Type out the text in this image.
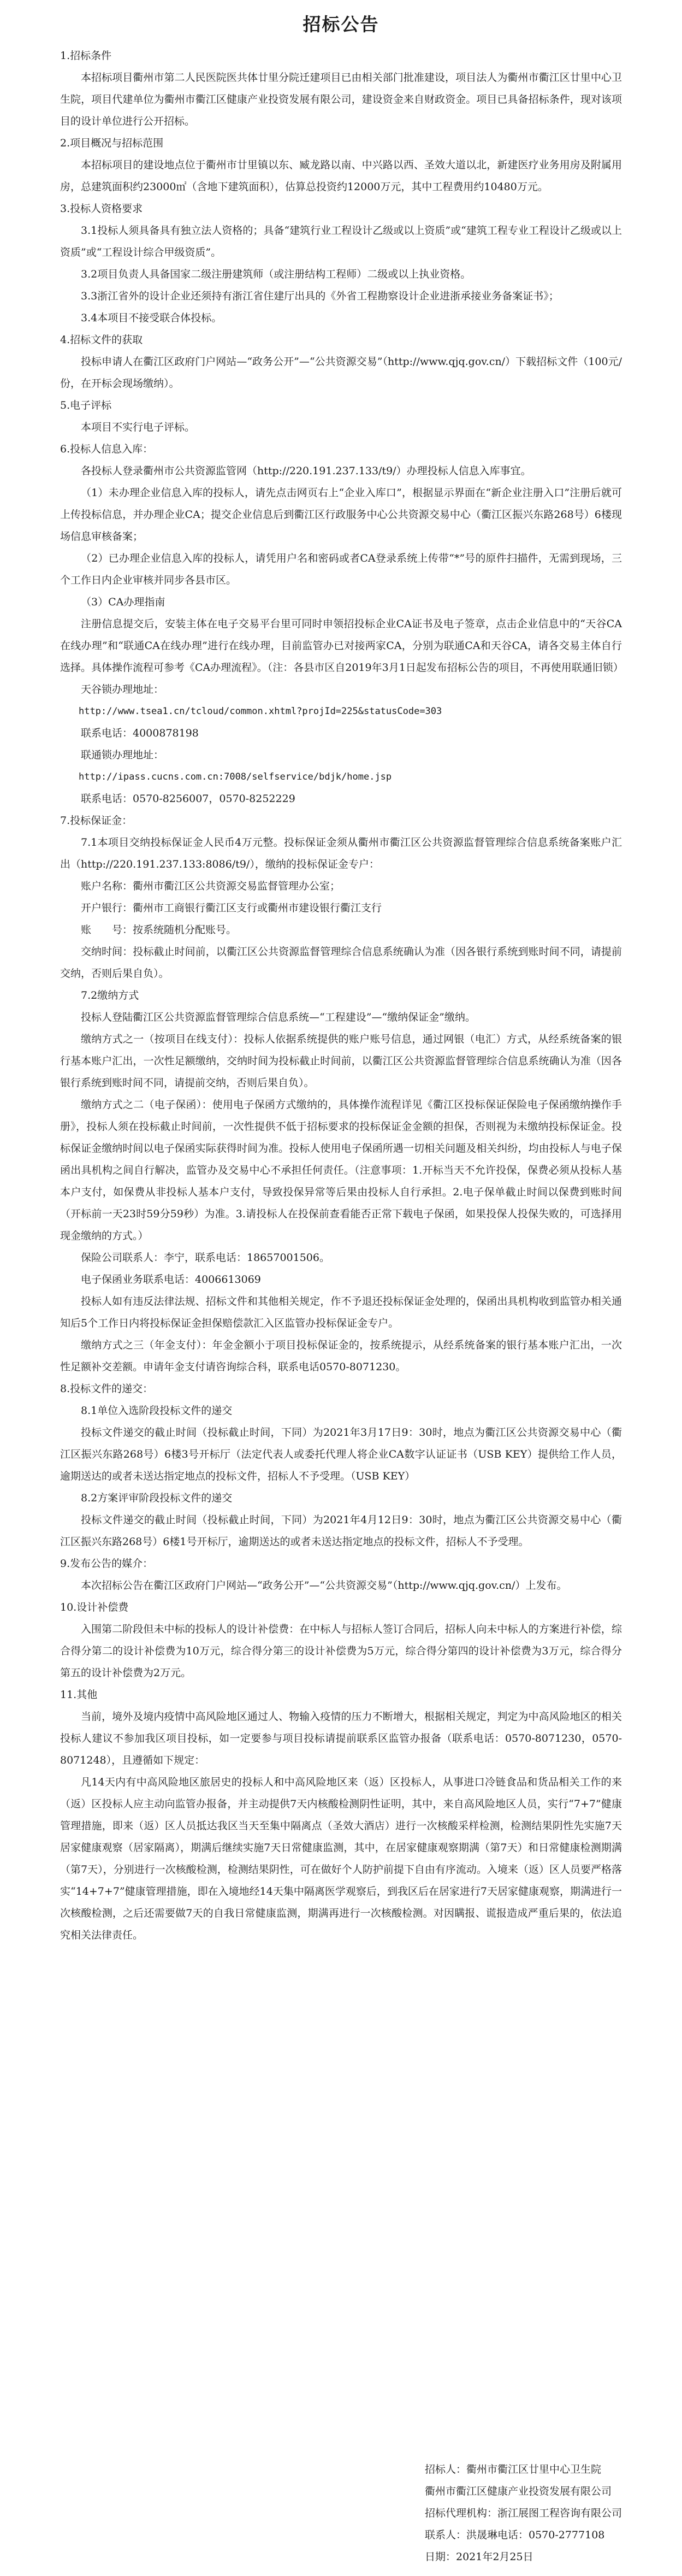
招标公告

1.招标条件

本招标项目衢州市第二人民医院医共体廿里分院迁建项目已由相关部门批准建设，项目法人为衢州市衢江区廿里中心卫生院，项目代建单位为衢州市衢江区健康产业投资发展有限公司，建设资金来自财政资金。项目已具备招标条件，现对该项目的设计单位进行公开招标。

2.项目概况与招标范围

本招标项目的建设地点位于衢州市廿里镇以东、臧龙路以南、中兴路以西、圣效大道以北，新建医疗业务用房及附属用房，总建筑面积约23000㎡（含地下建筑面积），估算总投资约12000万元，其中工程费用约10480万元。

3.投标人资格要求

3.1投标人须具备具有独立法人资格的；具备“建筑行业工程设计乙级或以上资质”或“建筑工程专业工程设计乙级或以上资质”或“工程设计综合甲级资质”。

3.2项目负责人具备国家二级注册建筑师（或注册结构工程师）二级或以上执业资格。

3.3浙江省外的设计企业还须持有浙江省住建厅出具的《外省工程勘察设计企业进浙承接业务备案证书》；

3.4本项目不接受联合体投标。

4.招标文件的获取

投标申请人在衢江区政府门户网站—“政务公开”—“公共资源交易”（http://www.qjq.gov.cn/）下载招标文件（100元/份，在开标会现场缴纳）。

5.电子评标

本项目不实行电子评标。

6.投标人信息入库：

各投标人登录衢州市公共资源监管网（http://220.191.237.133/t9/）办理投标人信息入库事宜。

（1）未办理企业信息入库的投标人，请先点击网页右上“企业入库口”，根据显示界面在“新企业注册入口”注册后就可上传投标信息，并办理企业CA；提交企业信息后到衢江区行政服务中心公共资源交易中心（衢江区振兴东路268号）6楼现场信息审核备案；

（2）已办理企业信息入库的投标人，请凭用户名和密码或者CA登录系统上传带“*”号的原件扫描件，无需到现场，三个工作日内企业审核并同步各县市区。

（3）CA办理指南

注册信息提交后，安装主体在电子交易平台里可同时申领招投标企业CA证书及电子签章，点击企业信息中的“天谷CA在线办理”和“联通CA在线办理”进行在线办理，目前监管办已对接两家CA，分别为联通CA和天谷CA，请各交易主体自行选择。具体操作流程可参考《CA办理流程》。（注：各县市区自2019年3月1日起发布招标公告的项目，不再使用联通旧锁）

天谷锁办理地址：

http://www.tsea1.cn/tcloud/common.xhtml?projId=225&statusCode=303

联系电话：4000878198

联通锁办理地址：

http://ipass.cucns.com.cn:7008/selfservice/bdjk/home.jsp

联系电话：0570-8256007，0570-8252229

7.投标保证金：

7.1本项目交纳投标保证金人民币4万元整。投标保证金须从衢州市衢江区公共资源监督管理综合信息系统备案账户汇出（http://220.191.237.133:8086/t9/），缴纳的投标保证金专户：

账户名称：衢州市衢江区公共资源交易监督管理办公室；

开户银行：衢州市工商银行衢江区支行或衢州市建设银行衢江支行

账　　号：按系统随机分配账号。

交纳时间：投标截止时间前，以衢江区公共资源监督管理综合信息系统确认为准（因各银行系统到账时间不同，请提前交纳，否则后果自负）。

7.2缴纳方式

投标人登陆衢江区公共资源监督管理综合信息系统—“工程建设”—“缴纳保证金”缴纳。

缴纳方式之一（按项目在线支付）：投标人依据系统提供的账户账号信息，通过网银（电汇）方式，从经系统备案的银行基本账户汇出，一次性足额缴纳，交纳时间为投标截止时间前，以衢江区公共资源监督管理综合信息系统确认为准（因各银行系统到账时间不同，请提前交纳，否则后果自负）。

缴纳方式之二（电子保函）：使用电子保函方式缴纳的，具体操作流程详见《衢江区投标保证保险电子保函缴纳操作手册》，投标人须在投标截止时间前，一次性提供不低于招标要求的投标保证金金额的担保，否则视为未缴纳投标保证金。投标保证金缴纳时间以电子保函实际获得时间为准。投标人使用电子保函所遇一切相关问题及相关纠纷，均由投标人与电子保函出具机构之间自行解决，监管办及交易中心不承担任何责任。（注意事项：1.开标当天不允许投保，保费必须从投标人基本户支付，如保费从非投标人基本户支付，导致投保异常等后果由投标人自行承担。2.电子保单截止时间以保费到账时间（开标前一天23时59分59秒）为准。3.请投标人在投保前查看能否正常下载电子保函，如果投保人投保失败的，可选择用现金缴纳的方式。）

保险公司联系人：李宁，联系电话：18657001506。

电子保函业务联系电话：4006613069

投标人如有违反法律法规、招标文件和其他相关规定，作不予退还投标保证金处理的，保函出具机构收到监管办相关通知后5个工作日内将投标保证金担保赔偿款汇入区监管办投标保证金专户。

缴纳方式之三（年金支付）：年金金额小于项目投标保证金的，按系统提示，从经系统备案的银行基本账户汇出，一次性足额补交差额。申请年金支付请咨询综合科，联系电话0570-8071230。

8.投标文件的递交：

8.1单位入选阶段投标文件的递交

投标文件递交的截止时间（投标截止时间，下同）为2021年3月17日9：30时，地点为衢江区公共资源交易中心（衢江区振兴东路268号）6楼3号开标厅（法定代表人或委托代理人将企业CA数字认证证书（USB KEY）提供给工作人员，逾期送达的或者未送达指定地点的投标文件，招标人不予受理。（USB KEY）

8.2方案评审阶段投标文件的递交

投标文件递交的截止时间（投标截止时间，下同）为2021年4月12日9：30时，地点为衢江区公共资源交易中心（衢江区振兴东路268号）6楼1号开标厅，逾期送达的或者未送达指定地点的投标文件，招标人不予受理。

9.发布公告的媒介：

本次招标公告在衢江区政府门户网站—“政务公开”—“公共资源交易”（http://www.qjq.gov.cn/）上发布。

10.设计补偿费

入围第二阶段但未中标的投标人的设计补偿费：在中标人与招标人签订合同后，招标人向未中标人的方案进行补偿，综合得分第二的设计补偿费为10万元，综合得分第三的设计补偿费为5万元，综合得分第四的设计补偿费为3万元，综合得分第五的设计补偿费为2万元。

11.其他

当前，境外及境内疫情中高风险地区通过人、物输入疫情的压力不断增大，根据相关规定，判定为中高风险地区的相关投标人建议不参加我区项目投标，如一定要参与项目投标请提前联系区监管办报备（联系电话：0570-8071230，0570-8071248），且遵循如下规定：

凡14天内有中高风险地区旅居史的投标人和中高风险地区来（返）区投标人，从事进口冷链食品和货品相关工作的来（返）区投标人应主动向监管办报备，并主动提供7天内核酸检测阴性证明，其中，来自高风险地区人员，实行“7+7”健康管理措施，即来（返）区人员抵达我区当天至集中隔离点（圣效大酒店）进行一次核酸采样检测，检测结果阴性先实施7天居家健康观察（居家隔离），期满后继续实施7天日常健康监测，其中，在居家健康观察期满（第7天）和日常健康检测期满（第7天），分别进行一次核酸检测，检测结果阴性，可在做好个人防护前提下自由有序流动。入境来（返）区人员要严格落实“14+7+7”健康管理措施，即在入境地经14天集中隔离医学观察后，到我区后在居家进行7天居家健康观察，期满进行一次核酸检测，之后还需要做7天的自我日常健康监测，期满再进行一次核酸检测。对因瞒报、谎报造成严重后果的，依法追究相关法律责任。

招标人：衢州市衢江区廿里中心卫生院

衢州市衢江区健康产业投资发展有限公司

招标代理机构：浙江展图工程咨询有限公司

联系人：洪晟琳电话：0570-2777108

日期：2021年2月25日
